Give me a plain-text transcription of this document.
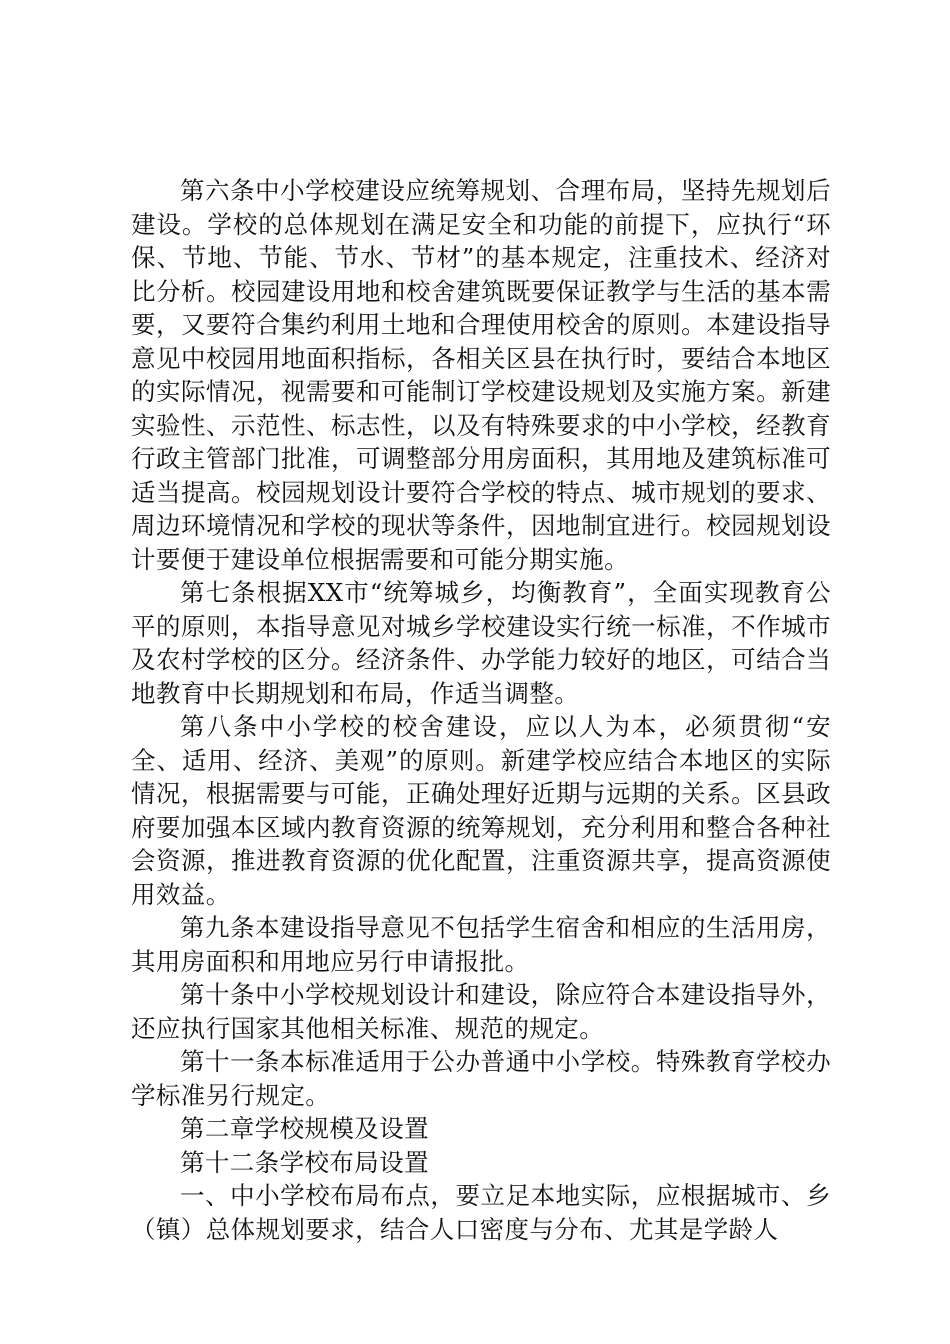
第六条中小学校建设应统筹规划、合理布局，坚持先规划后建设。学校的总体规划在满足安全和功能的前提下，应执行“环保、节地、节能、节水、节材”的基本规定，注重技术、经济对比分析。校园建设用地和校舍建筑既要保证教学与生活的基本需要，又要符合集约利用土地和合理使用校舍的原则。本建设指导意见中校园用地面积指标，各相关区县在执行时，要结合本地区的实际情况，视需要和可能制订学校建设规划及实施方案。新建实验性、示范性、标志性，以及有特殊要求的中小学校，经教育行政主管部门批准，可调整部分用房面积，其用地及建筑标准可适当提高。校园规划设计要符合学校的特点、城市规划的要求、周边环境情况和学校的现状等条件，因地制宜进行。校园规划设计要便于建设单位根据需要和可能分期实施。

第七条根据XX市“统筹城乡，均衡教育”，全面实现教育公平的原则，本指导意见对城乡学校建设实行统一标准，不作城市及农村学校的区分。经济条件、办学能力较好的地区，可结合当地教育中长期规划和布局，作适当调整。

第八条中小学校的校舍建设，应以人为本，必须贯彻“安全、适用、经济、美观”的原则。新建学校应结合本地区的实际情况，根据需要与可能，正确处理好近期与远期的关系。区县政府要加强本区域内教育资源的统筹规划，充分利用和整合各种社会资源，推进教育资源的优化配置，注重资源共享，提高资源使用效益。

第九条本建设指导意见不包括学生宿舍和相应的生活用房，其用房面积和用地应另行申请报批。

第十条中小学校规划设计和建设，除应符合本建设指导外，还应执行国家其他相关标准、规范的规定。

第十一条本标准适用于公办普通中小学校。特殊教育学校办学标准另行规定。

第二章学校规模及设置

第十二条学校布局设置

一、中小学校布局布点，要立足本地实际，应根据城市、乡（镇）总体规划要求，结合人口密度与分布、尤其是学龄人
